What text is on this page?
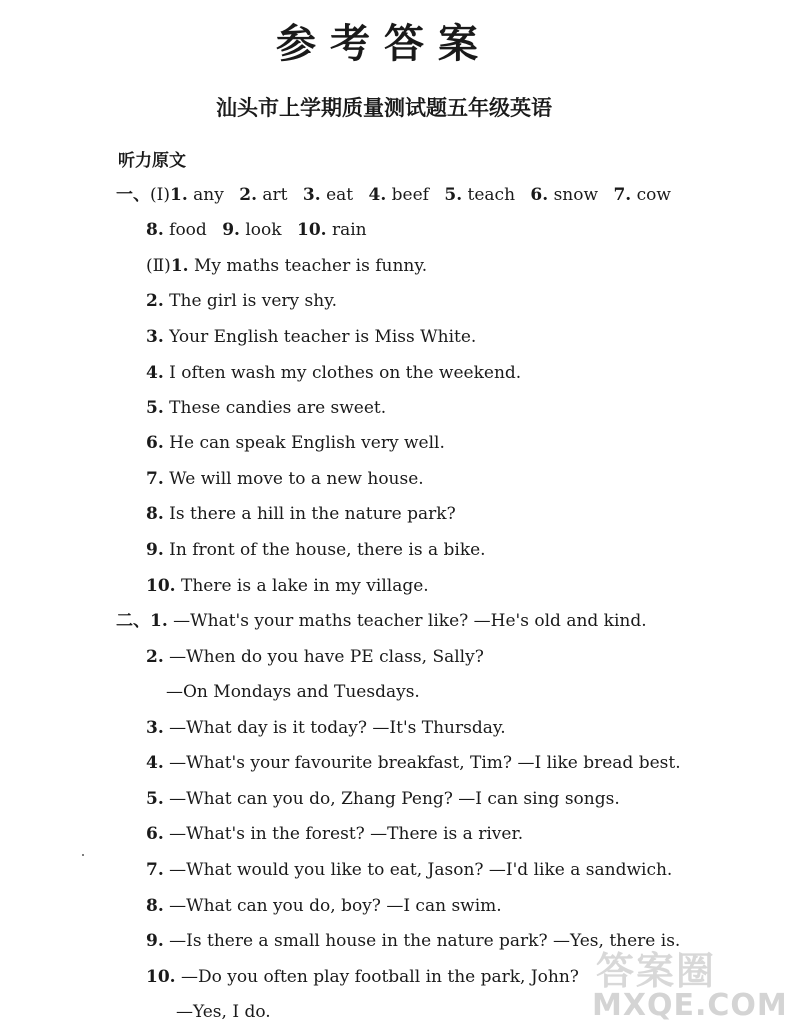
参考答案
汕头市上学期质量测试题五年级英语
听力原文
一、(Ⅰ)1. any 2. art 3. eat 4. beef 5. teach 6. snow 7. cow
8. food 9. look 10. rain
(Ⅱ)1. My maths teacher is funny.
2. The girl is very shy.
3. Your English teacher is Miss White.
4. I often wash my clothes on the weekend.
5. These candies are sweet.
6. He can speak English very well.
7. We will move to a new house.
8. Is there a hill in the nature park?
9. In front of the house, there is a bike.
10. There is a lake in my village.
二、1. —What's your maths teacher like? —He's old and kind.
2. —When do you have PE class, Sally?
—On Mondays and Tuesdays.
3. —What day is it today? —It's Thursday.
4. —What's your favourite breakfast, Tim? —I like bread best.
5. —What can you do, Zhang Peng? —I can sing songs.
6. —What's in the forest? —There is a river.
7. —What would you like to eat, Jason? —I'd like a sandwich.
8. —What can you do, boy? —I can swim.
9. —Is there a small house in the nature park? —Yes, there is.
10. —Do you often play football in the park, John?
—Yes, I do.
答案圈
MXQE.COM
